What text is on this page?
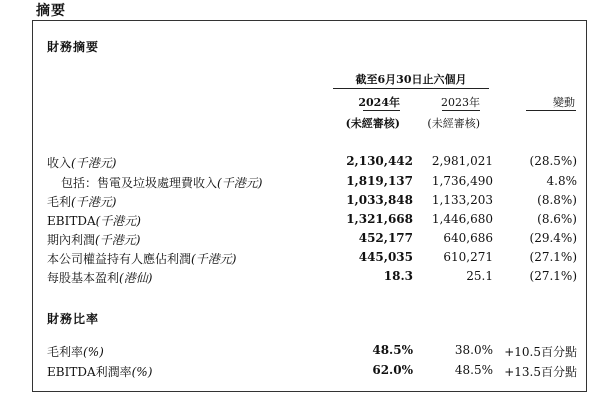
摘要
財務摘要
截至6月30日止六個月
2024年	2023年	變動
(未經審核)	(未經審核)
收入(千港元)	2,130,442	2,981,021	(28.5%)
包括：售電及垃圾處理費收入(千港元)	1,819,137	1,736,490	4.8%
毛利(千港元)	1,033,848	1,133,203	(8.8%)
EBITDA(千港元)	1,321,668	1,446,680	(8.6%)
期內利潤(千港元)	452,177	640,686	(29.4%)
本公司權益持有人應佔利潤(千港元)	445,035	610,271	(27.1%)
每股基本盈利(港仙)	18.3	25.1	(27.1%)
財務比率
毛利率(%)	48.5%	38.0% +10.5百分點
EBITDA利潤率(%)	62.0%	48.5% +13.5百分點
